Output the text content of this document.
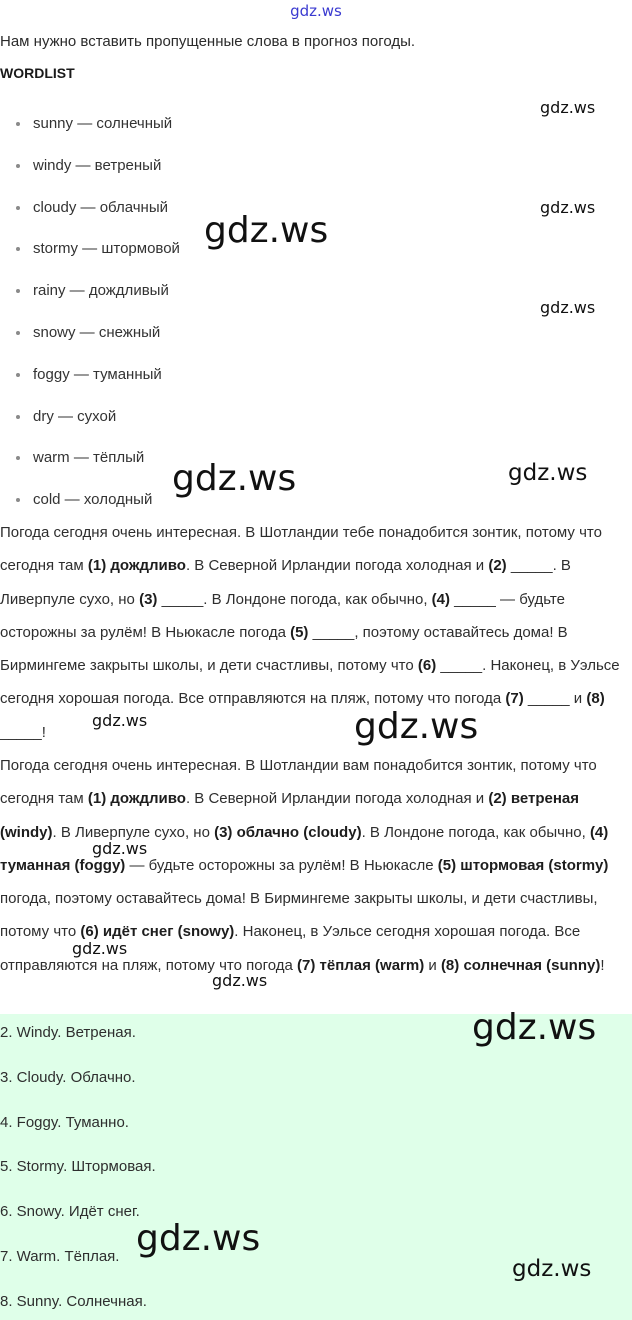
gdz.ws
Нам нужно вставить пропущенные слова в прогноз погоды.
WORDLIST
sunny — солнечный
windy — ветреный
cloudy — облачный
stormy — штормовой
rainy — дождливый
snowy — снежный
foggy — туманный
dry — сухой
warm — тёплый
cold — холодный
Погода сегодня очень интересная. В Шотландии тебе понадобится зонтик, потому что сегодня там (1) дождливо. В Северной Ирландии погода холодная и (2) _____. В Ливерпуле сухо, но (3) _____. В Лондоне погода, как обычно, (4) _____ — будьте осторожны за рулём! В Ньюкасле погода (5) _____, поэтому оставайтесь дома! В Бирмингеме закрыты школы, и дети счастливы, потому что (6) _____. Наконец, в Уэльсе сегодня хорошая погода. Все отправляются на пляж, потому что погода (7) _____ и (8) _____!
Погода сегодня очень интересная. В Шотландии вам понадобится зонтик, потому что сегодня там (1) дождливо. В Северной Ирландии погода холодная и (2) ветреная (windy). В Ливерпуле сухо, но (3) облачно (cloudy). В Лондоне погода, как обычно, (4) туманная (foggy) — будьте осторожны за рулём! В Ньюкасле (5) штормовая (stormy) погода, поэтому оставайтесь дома! В Бирмингеме закрыты школы, и дети счастливы, потому что (6) идёт снег (snowy). Наконец, в Уэльсе сегодня хорошая погода. Все отправляются на пляж, потому что погода (7) тёплая (warm) и (8) солнечная (sunny)!
2. Windy. Ветреная.
3. Cloudy. Облачно.
4. Foggy. Туманно.
5. Stormy. Штормовая.
6. Snowy. Идёт снег.
7. Warm. Тёплая.
8. Sunny. Солнечная.
gdz.ws
gdz.ws
gdz.ws
gdz.ws
gdz.ws	gdz.ws
gdz.ws	gdz.ws
gdz.ws
gdz.ws
gdz.ws
gdz.ws
gdz.ws
gdz.ws
